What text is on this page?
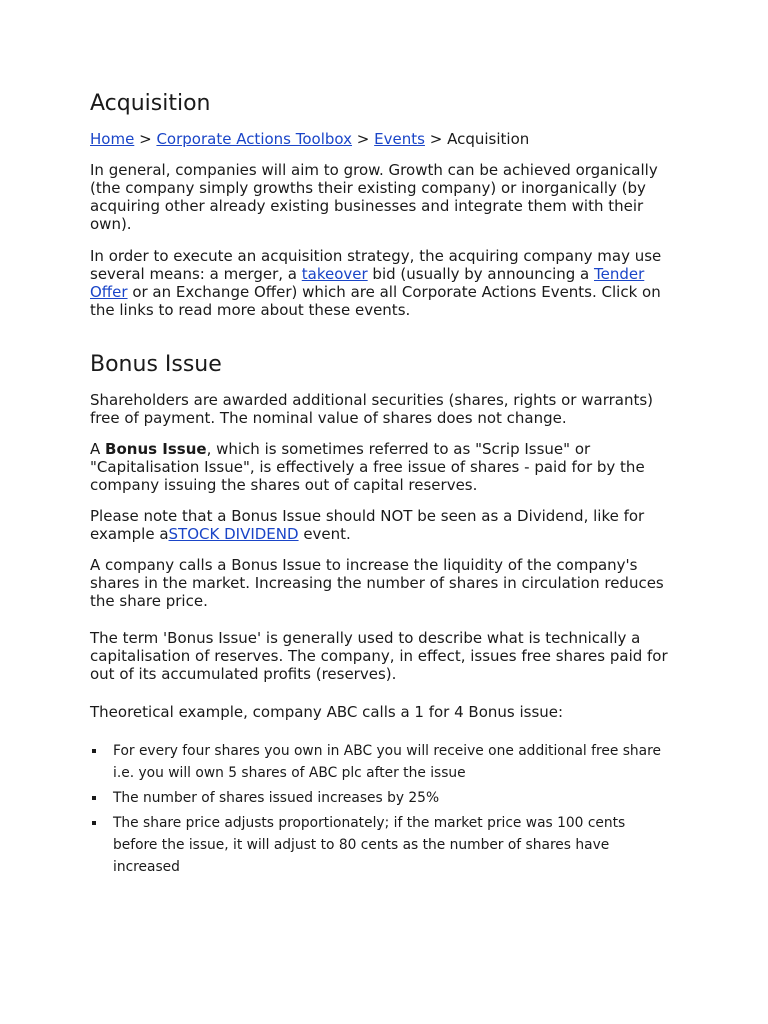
Acquisition
Home > Corporate Actions Toolbox > Events > Acquisition

In general, companies will aim to grow. Growth can be achieved organically
(the company simply growths their existing company) or inorganically (by
acquiring other already existing businesses and integrate them with their
own).

In order to execute an acquisition strategy, the acquiring company may use
several means: a merger, a takeover bid (usually by announcing a Tender
Offer or an Exchange Offer) which are all Corporate Actions Events. Click on
the links to read more about these events.

Bonus Issue

Shareholders are awarded additional securities (shares, rights or warrants)
free of payment. The nominal value of shares does not change.

A Bonus Issue, which is sometimes referred to as "Scrip Issue" or
"Capitalisation Issue", is effectively a free issue of shares - paid for by the
company issuing the shares out of capital reserves.

Please note that a Bonus Issue should NOT be seen as a Dividend, like for
example aSTOCK DIVIDEND event.

A company calls a Bonus Issue to increase the liquidity of the company's
shares in the market. Increasing the number of shares in circulation reduces
the share price.

The term 'Bonus Issue' is generally used to describe what is technically a
capitalisation of reserves. The company, in effect, issues free shares paid for
out of its accumulated profits (reserves).

Theoretical example, company ABC calls a 1 for 4 Bonus issue:

For every four shares you own in ABC you will receive one additional free share
i.e. you will own 5 shares of ABC plc after the issue
The number of shares issued increases by 25%
The share price adjusts proportionately; if the market price was 100 cents
before the issue, it will adjust to 80 cents as the number of shares have
increased
